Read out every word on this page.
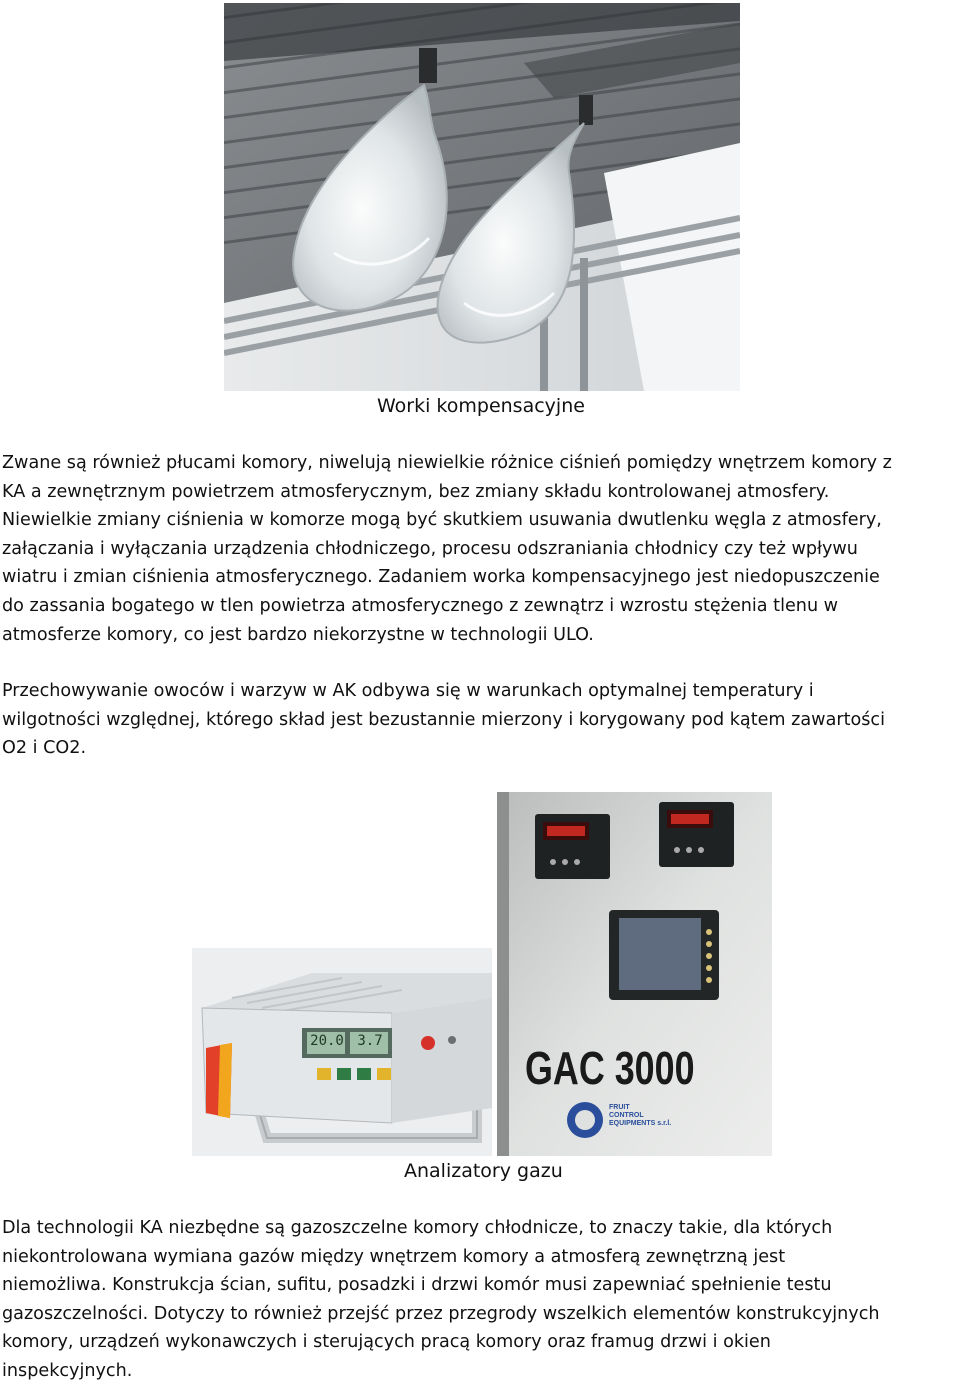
Worki kompensacyjne
Zwane są również płucami komory, niwelują niewielkie różnice ciśnień pomiędzy wnętrzem komory z
KA a zewnętrznym powietrzem atmosferycznym, bez zmiany składu kontrolowanej atmosfery.
Niewielkie zmiany ciśnienia w komorze mogą być skutkiem usuwania dwutlenku węgla z atmosfery,
załączania i wyłączania urządzenia chłodniczego, procesu odszraniania chłodnicy czy też wpływu
wiatru i zmian ciśnienia atmosferycznego. Zadaniem worka kompensacyjnego jest niedopuszczenie
do zassania bogatego w tlen powietrza atmosferycznego z zewnątrz i wzrostu stężenia tlenu w
atmosferze komory, co jest bardzo niekorzystne w technologii ULO.
Przechowywanie owoców i warzyw w AK odbywa się w warunkach optymalnej temperatury i
wilgotności względnej, którego skład jest bezustannie mierzony i korygowany pod kątem zawartości
O2 i CO2.
20.0 3.7
GAC 3000
FRUIT
CONTROL
EQUIPMENTS s.r.l.
Analizatory gazu
Dla technologii KA niezbędne są gazoszczelne komory chłodnicze, to znaczy takie, dla których
niekontrolowana wymiana gazów między wnętrzem komory a atmosferą zewnętrzną jest
niemożliwa. Konstrukcja ścian, sufitu, posadzki i drzwi komór musi zapewniać spełnienie testu
gazoszczelności. Dotyczy to również przejść przez przegrody wszelkich elementów konstrukcyjnych
komory, urządzeń wykonawczych i sterujących pracą komory oraz framug drzwi i okien
inspekcyjnych.
